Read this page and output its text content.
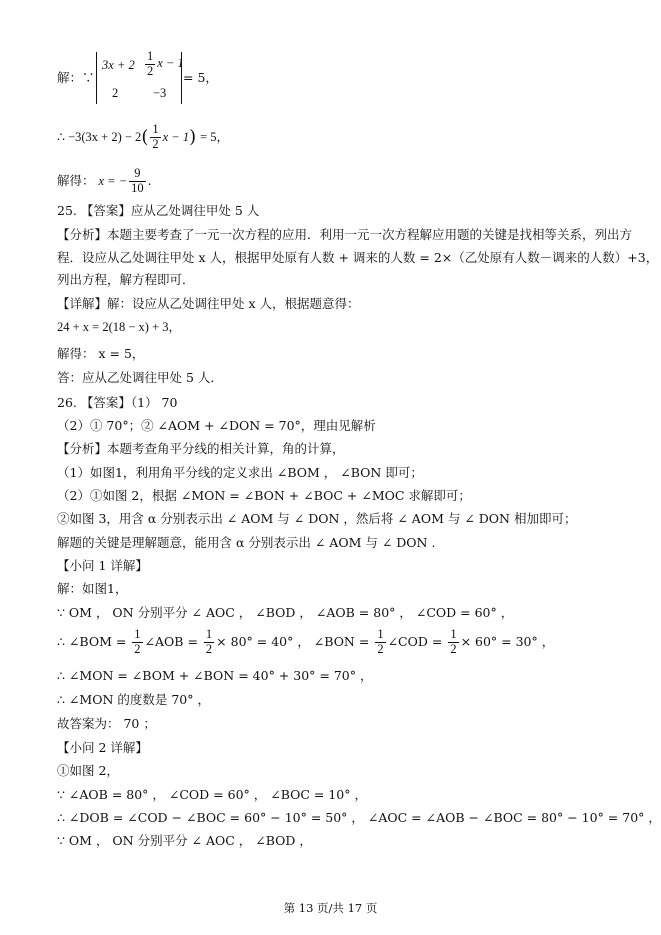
解：∵
$3x + 2 \frac{1}{2}$ x − 1
2	−3
= 5，
∴ $-3(3x + 2) - 2( \frac{1}{2}$ x − 1) = 5，
解得： x = − $\frac{9}{10}$ .
25. 【答案】应从乙处调往甲处 5 人
【分析】本题主要考查了一元一次方程的应用．利用一元一次方程解应用题的关键是找相等关系，列出方
程．设应从乙处调往甲处 x 人，根据甲处原有人数 + 调来的人数 = 2×（乙处原有人数－调来的人数）+3，
列出方程，解方程即可．
【详解】解：设应从乙处调往甲处 x 人，根据题意得：
24 + x = 2(18 − x) + 3，
解得： x = 5，
答：应从乙处调往甲处 5 人．
26. 【答案】（1） 70
（2）① 70°；② ∠AOM + ∠DON = 70°，理由见解析
【分析】本题考查角平分线的相关计算，角的计算，
（1）如图1，利用角平分线的定义求出 ∠BOM ， ∠BON 即可；
（2）①如图 2，根据 ∠MON = ∠BON + ∠BOC + ∠MOC 求解即可；
②如图 3，用含 α 分别表示出 ∠ AOM 与 ∠ DON ，然后将 ∠ AOM 与 ∠ DON 相加即可；
解题的关键是理解题意，能用含 α 分别表示出 ∠ AOM 与 ∠ DON .
【小问 1 详解】
解：如图1，
∵ OM ， ON 分别平分 ∠ AOC ， ∠BOD ， ∠AOB = 80° ， ∠COD = 60° ，
∴ ∠BOM = $\frac{1}{2}$ ∠AOB = $\frac{1}{2} \times 80^\circ = 40^\circ$ ， ∠BON = $\frac{1}{2}$ ∠COD = $\frac{1}{2} \times 60^\circ = 30^\circ$ ，
∴ ∠MON = ∠BOM + ∠BON = 40° + 30° = 70° ，
∴ ∠MON 的度数是 70° ，
故答案为： 70 ；
【小问 2 详解】
①如图 2，
∵ ∠AOB = 80° ， ∠COD = 60° ， ∠BOC = 10° ，
∴ ∠DOB = ∠COD − ∠BOC = 60° − 10° = 50° ， ∠AOC = ∠AOB − ∠BOC = 80° − 10° = 70° ，
∵ OM ， ON 分别平分 ∠ AOC ， ∠BOD ，
第 13 页/共 17 页
